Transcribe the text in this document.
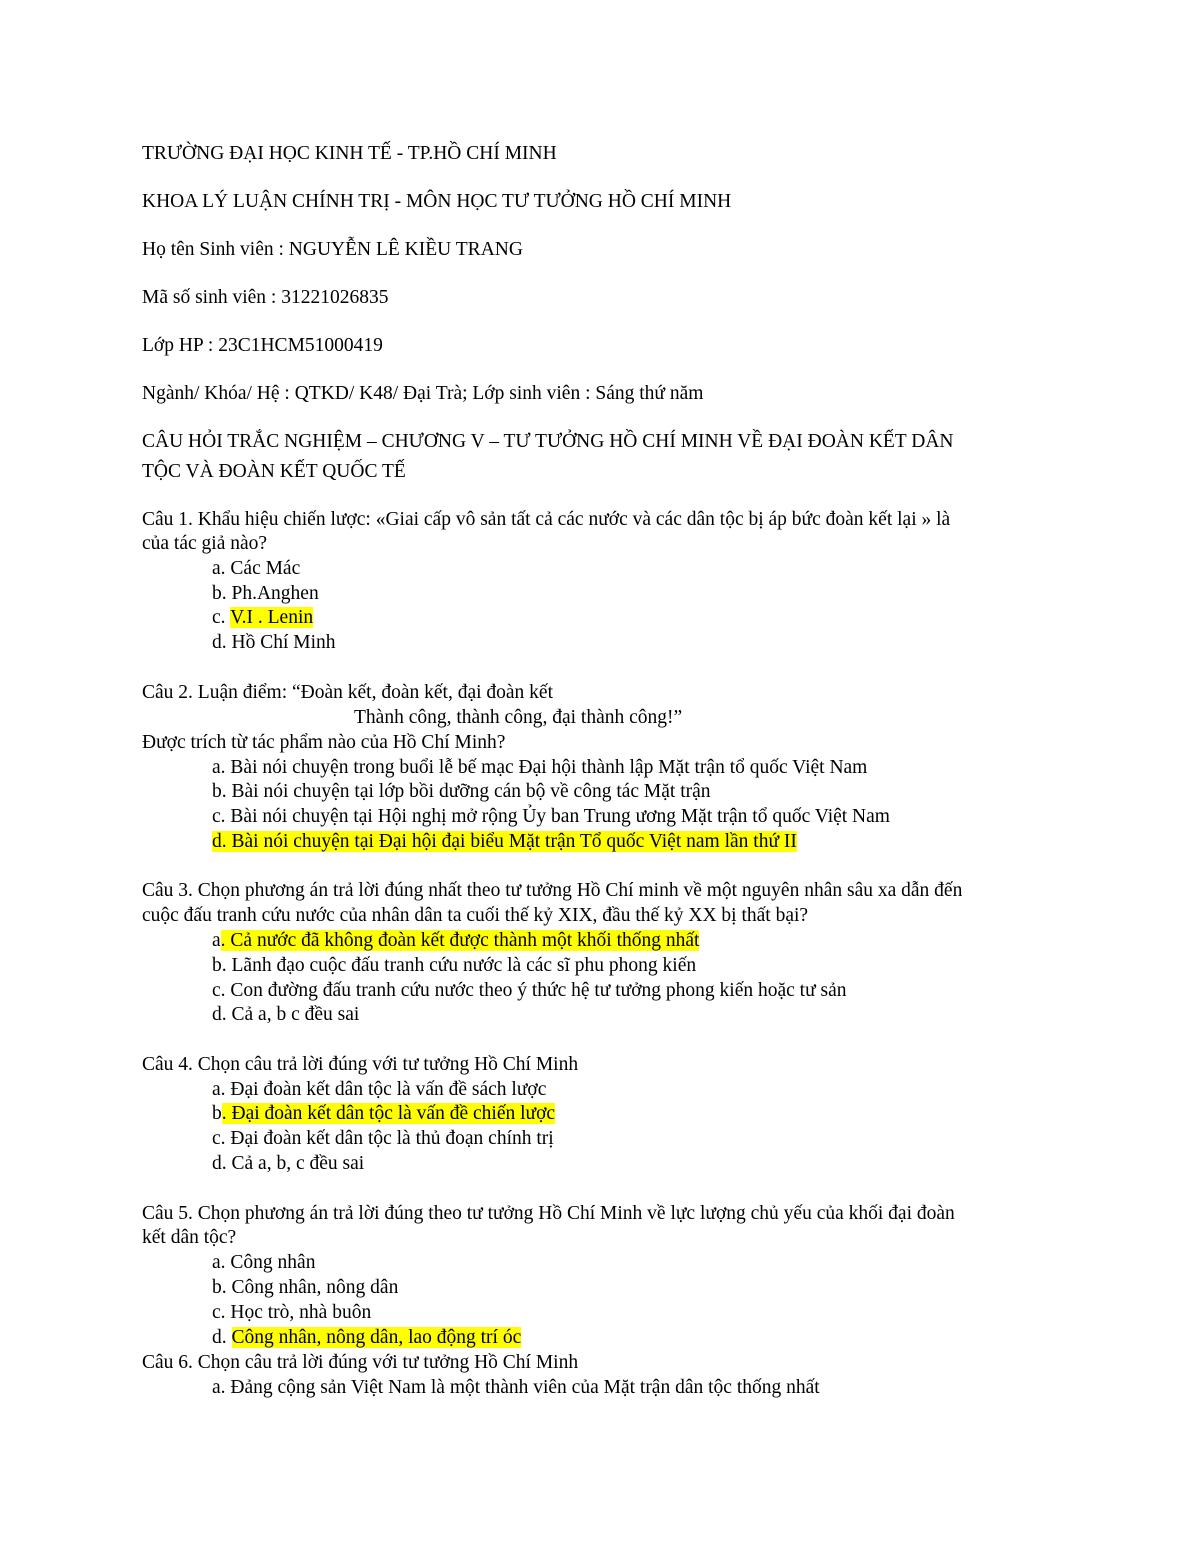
TRƯỜNG ĐẠI HỌC KINH TẾ - TP.HỒ CHÍ MINH
KHOA LÝ LUẬN CHÍNH TRỊ - MÔN HỌC TƯ TƯỞNG HỒ CHÍ MINH
Họ tên Sinh viên : NGUYỄN LÊ KIỀU TRANG
Mã số sinh viên : 31221026835
Lớp HP : 23C1HCM51000419
Ngành/ Khóa/ Hệ : QTKD/ K48/ Đại Trà; Lớp sinh viên : Sáng thứ năm
CÂU HỎI TRẮC NGHIỆM – CHƯƠNG V – TƯ TƯỞNG HỒ CHÍ MINH VỀ ĐẠI ĐOÀN KẾT DÂN
TỘC VÀ ĐOÀN KẾT QUỐC TẾ
Câu 1. Khẩu hiệu chiến lược: «Giai cấp vô sản tất cả các nước và các dân tộc bị áp bức đoàn kết lại » là
của tác giả nào?
a. Các Mác
b. Ph.Anghen
c. V.I . Lenin
d. Hồ Chí Minh
Câu 2. Luận điểm: “Đoàn kết, đoàn kết, đại đoàn kết
Thành công, thành công, đại thành công!”
Được trích từ tác phẩm nào của Hồ Chí Minh?
a. Bài nói chuyện trong buổi lễ bế mạc Đại hội thành lập Mặt trận tổ quốc Việt Nam
b. Bài nói chuyện tại lớp bồi dưỡng cán bộ về công tác Mặt trận
c. Bài nói chuyện tại Hội nghị mở rộng Ủy ban Trung ương Mặt trận tổ quốc Việt Nam
d. Bài nói chuyện tại Đại hội đại biểu Mặt trận Tổ quốc Việt nam lần thứ II
Câu 3. Chọn phương án trả lời đúng nhất theo tư tưởng Hồ Chí minh về một nguyên nhân sâu xa dẫn đến
cuộc đấu tranh cứu nước của nhân dân ta cuối thế kỷ XIX, đầu thế kỷ XX bị thất bại?
a. Cả nước đã không đoàn kết được thành một khối thống nhất
b. Lãnh đạo cuộc đấu tranh cứu nước là các sĩ phu phong kiến
c. Con đường đấu tranh cứu nước theo ý thức hệ tư tưởng phong kiến hoặc tư sản
d. Cả a, b c đều sai
Câu 4. Chọn câu trả lời đúng với tư tưởng Hồ Chí Minh
a. Đại đoàn kết dân tộc là vấn đề sách lược
b. Đại đoàn kết dân tộc là vấn đề chiến lược
c. Đại đoàn kết dân tộc là thủ đoạn chính trị
d. Cả a, b, c đều sai
Câu 5. Chọn phương án trả lời đúng theo tư tưởng Hồ Chí Minh về lực lượng chủ yếu của khối đại đoàn
kết dân tộc?
a. Công nhân
b. Công nhân, nông dân
c. Học trò, nhà buôn
d. Công nhân, nông dân, lao động trí óc
Câu 6. Chọn câu trả lời đúng với tư tưởng Hồ Chí Minh
a. Đảng cộng sản Việt Nam là một thành viên của Mặt trận dân tộc thống nhất
